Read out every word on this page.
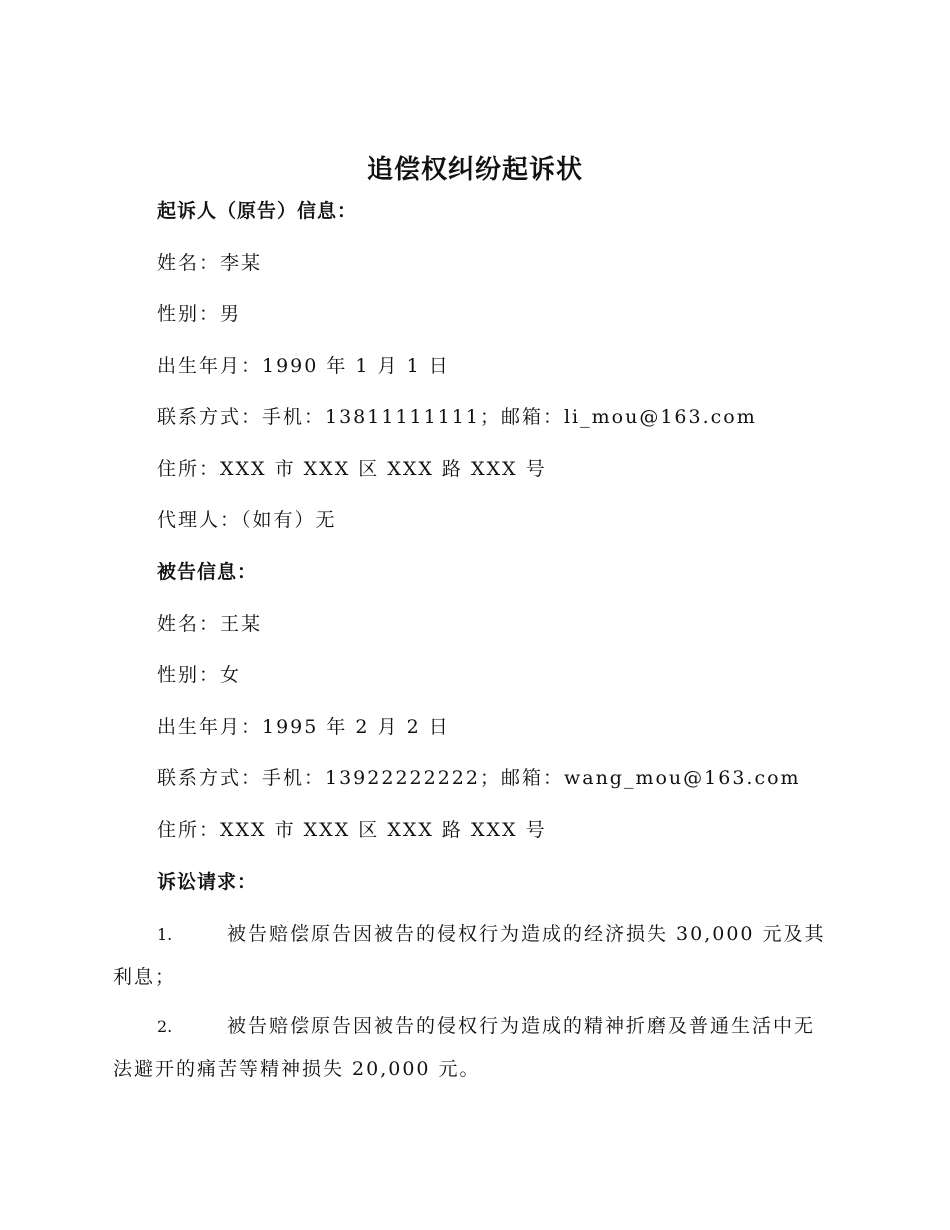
追偿权纠纷起诉状
起诉人（原告）信息：
姓名：李某
性别：男
出生年月：1990 年 1 月 1 日
联系方式：手机：13811111111；邮箱：li_mou@163.com
住所：XXX 市 XXX 区 XXX 路 XXX 号
代理人：（如有）无
被告信息：
姓名：王某
性别：女
出生年月：1995 年 2 月 2 日
联系方式：手机：13922222222；邮箱：wang_mou@163.com
住所：XXX 市 XXX 区 XXX 路 XXX 号
诉讼请求：
1.	被告赔偿原告因被告的侵权行为造成的经济损失 30,000 元及其利息；
2.	被告赔偿原告因被告的侵权行为造成的精神折磨及普通生活中无法避开的痛苦等精神损失 20,000 元。
